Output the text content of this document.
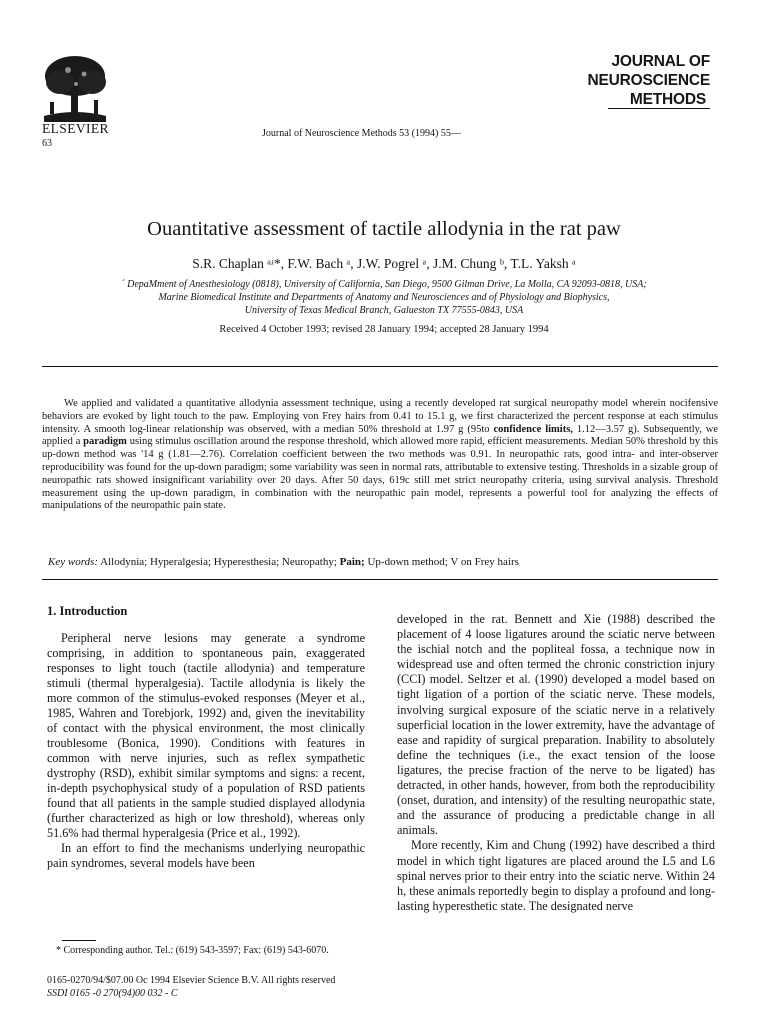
ELSEVIER
63
Journal of Neuroscience Methods 53 (1994) 55—
JOURNAL OF
NEUROSCIENCE
METHODS
Ouantitative assessment of tactile allodynia in the rat paw
S.R. Chaplan ᵃʴ*, F.W. Bach ᵃ, J.W. Pogrel ᵃ, J.M. Chung ᵇ, T.L. Yaksh ᵃ
´ DepaMment of Anesthesiology (0818), University of California, San Diego, 9500 Gilman Drive, La Molla, CA 92093-0818, USA;
Marine Biomedical Institute and Departments of Anatomy and Neurosciences and of Physiology and Biophysics,
University of Texas Medical Branch, Galueston TX 77555-0843, USA
Received 4 October 1993; revised 28 January 1994; accepted 28 January 1994

We applied and validated a quantitative allodynia assessment technique, using a recently developed rat surgical neuropathy model wherein nocifensive behaviors are evoked by light touch to the paw. Employing von Frey hairs from 0.41 to 15.1 g, we first characterized the percent response at each stimulus intensity. A smooth log-linear relationship was observed, with a median 50% threshold at 1.97 g (95to confidence limits, 1.12—3.57 g). Subsequently, we applied a paradigm using stimulus oscillation around the response threshold, which allowed more rapid, efficient measurements. Median 50% threshold by this up-down method was '14 g (1.81—2.76). Correlation coefficient between the two methods was 0.91. In neuropathic rats, good intra- and inter-observer reproducibility was found for the up-down paradigm; some variability was seen in normal rats, attributable to extensive testing. Thresholds in a sizable group of neuropathic rats showed insignificant variability over 20 days. After 50 days, 619c still met strict neuropathy criteria, using survival analysis. Threshold measurement using the up-down paradigm, in combination with the neuropathic pain model, represents a powerful tool for analyzing the effects of manipulations of the neuropathic pain state.

Key words: Allodynia; Hyperalgesia; Hyperesthesia; Neuropathy; Pain; Up-down method; V on Frey hairs
1. Introduction

Peripheral nerve lesions may generate a syndrome comprising, in addition to spontaneous pain, exaggerated responses to light touch (tactile allodynia) and temperature stimuli (thermal hyperalgesia). Tactile allodynia is likely the more common of the stimulus-evoked responses (Meyer et al., 1985, Wahren and Torebjork, 1992) and, given the inevitability of contact with the physical environment, the most clinically troublesome (Bonica, 1990). Conditions with features in common with nerve injuries, such as reflex sympathetic dystrophy (RSD), exhibit similar symptoms and signs: a recent, in-depth psychophysical study of a population of RSD patients found that all patients in the sample studied displayed allodynia (further characterized as high or low threshold), whereas only 51.6% had thermal hyperalgesia (Price et al., 1992).

In an effort to find the mechanisms underlying neuropathic pain syndromes, several models have been

developed in the rat. Bennett and Xie (1988) described the placement of 4 loose ligatures around the sciatic nerve between the ischial notch and the popliteal fossa, a technique now in widespread use and often termed the chronic constriction injury (CCI) model. Seltzer et al. (1990) developed a model based on tight ligation of a portion of the sciatic nerve. These models, involving surgical exposure of the sciatic nerve in a relatively superficial location in the lower extremity, have the advantage of ease and rapidity of surgical preparation. Inability to absolutely define the techniques (i.e., the exact tension of the loose ligatures, the precise fraction of the nerve to be ligated) has detracted, in other hands, however, from both the reproducibility (onset, duration, and intensity) of the resulting neuropathic state, and the assurance of producing a predictable change in all animals.

More recently, Kim and Chung (1992) have described a third model in which tight ligatures are placed around the L5 and L6 spinal nerves prior to their entry into the sciatic nerve. Within 24 h, these animals reportedly begin to display a profound and long-lasting hyperesthetic state. The designated nerve

* Corresponding author. Tel.: (619) 543-3597; Fax: (619) 543-6070.
0165-0270/94/$07.00 Oc 1994 Elsevier Science B.V. All rights reserved
SSDI 0165 -0 270(94)00 032 - C
